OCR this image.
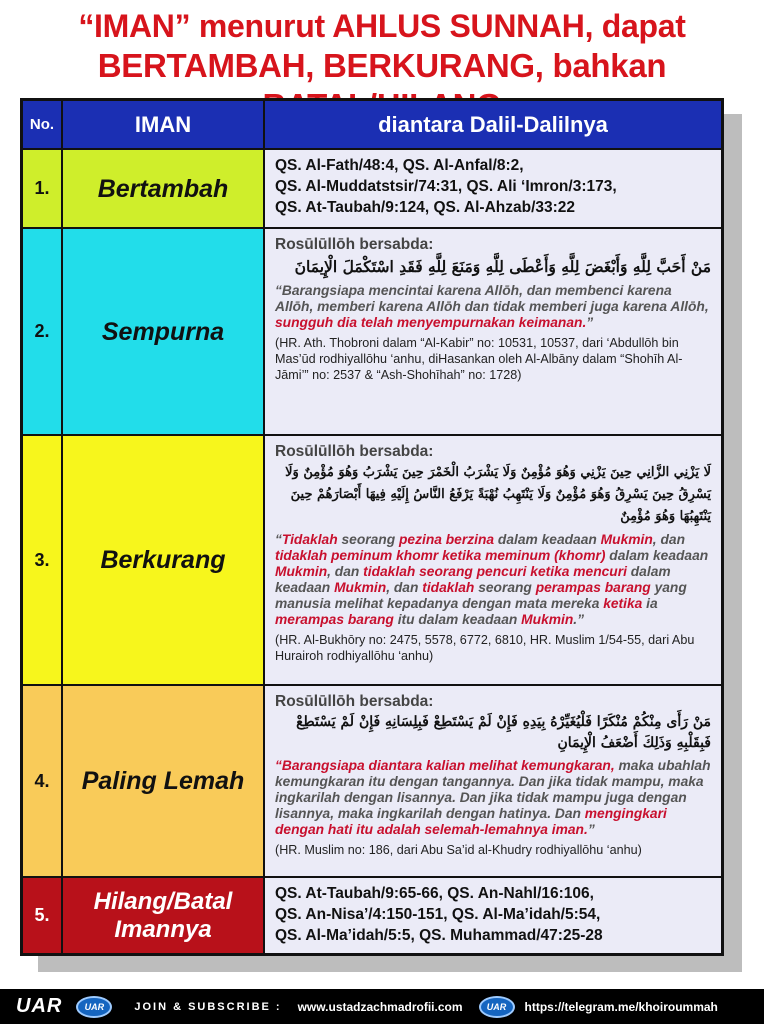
“IMAN” menurut AHLUS SUNNAH, dapat
BERTAMBAH, BERKURANG, bahkan
No.	IMAN	diantara Dalil-Dalilnya
1.	Bertambah
QS. Al-Fath/48:4, QS. Al-Anfal/8:2,
QS. Al-Muddatstsir/74:31, QS. Ali ‘Imron/3:173,
QS. At-Taubah/9:124, QS. Al-Ahzab/33:22
2.	Sempurna
Rosūlūllōh bersabda:
مَنْ أَحَبَّ لِلَّهِ وَأَبْغَضَ لِلَّهِ وَأَعْطَى لِلَّهِ وَمَنَعَ لِلَّهِ فَقَدِ اسْتَكْمَلَ الْإِيمَانَ
“Barangsiapa mencintai karena Allōh, dan membenci karena Allōh, memberi karena Allōh dan tidak memberi juga karena Allōh, sungguh dia telah menyempurnakan keimanan.”
(HR. Ath. Thobroni dalam “Al-Kabir” no: 10531, 10537, dari ‘Abdullōh bin Mas’ūd rodhiyallōhu ‘anhu, diHasankan oleh Al-Albāny dalam “Shohīh Al-Jāmi’” no: 2537 & “Ash-Shohīhah” no: 1728)
3.	Berkurang
Rosūlūllōh bersabda:
لَا يَزْنِي الزَّانِي حِينَ يَزْنِي وَهُوَ مُؤْمِنٌ وَلَا يَشْرَبُ الْخَمْرَ حِينَ يَشْرَبُ وَهُوَ مُؤْمِنٌ وَلَا يَسْرِقُ حِينَ يَسْرِقُ وَهُوَ مُؤْمِنٌ وَلَا يَنْتَهِبُ نُهْبَةً يَرْفَعُ النَّاسُ إِلَيْهِ فِيهَا أَبْصَارَهُمْ حِينَ يَنْتَهِبُهَا وَهُوَ مُؤْمِنٌ
“Tidaklah seorang pezina berzina dalam keadaan Mukmin, dan tidaklah peminum khomr ketika meminum (khomr) dalam keadaan Mukmin, dan tidaklah seorang pencuri ketika mencuri dalam keadaan Mukmin, dan tidaklah seorang perampas barang yang manusia melihat kepadanya dengan mata mereka ketika ia merampas barang itu dalam keadaan Mukmin.”
(HR. Al-Bukhōry no: 2475, 5578, 6772, 6810, HR. Muslim 1/54-55, dari Abu Hurairoh rodhiyallōhu ‘anhu)
4.	Paling Lemah
Rosūlūllōh bersabda:
مَنْ رَأَى مِنْكُمْ مُنْكَرًا فَلْيُغَيِّرْهُ بِيَدِهِ فَإِنْ لَمْ يَسْتَطِعْ فَبِلِسَانِهِ فَإِنْ لَمْ يَسْتَطِعْ فَبِقَلْبِهِ وَذَلِكَ أَضْعَفُ الْإِيمَانِ
“Barangsiapa diantara kalian melihat kemungkaran, maka ubahlah kemungkaran itu dengan tangannya. Dan jika tidak mampu, maka ingkarilah dengan lisannya. Dan jika tidak mampu juga dengan lisannya, maka ingkarilah dengan hatinya. Dan mengingkari dengan hati itu adalah selemah-lemahnya iman.”
(HR. Muslim no: 186, dari Abu Sa’id al-Khudry rodhiyallōhu ‘anhu)
5.
Hilang/Batal
Imannya
QS. At-Taubah/9:65-66, QS. An-Nahl/16:106,
QS. An-Nisa’/4:150-151, QS. Al-Ma’idah/5:54,
QS. Al-Ma’idah/5:5, QS. Muhammad/47:25-28
UAR	UAR	JOIN & SUBSCRIBE : www.ustadzachmadrofii.com	UAR	https://telegram.me/khoiroummah
